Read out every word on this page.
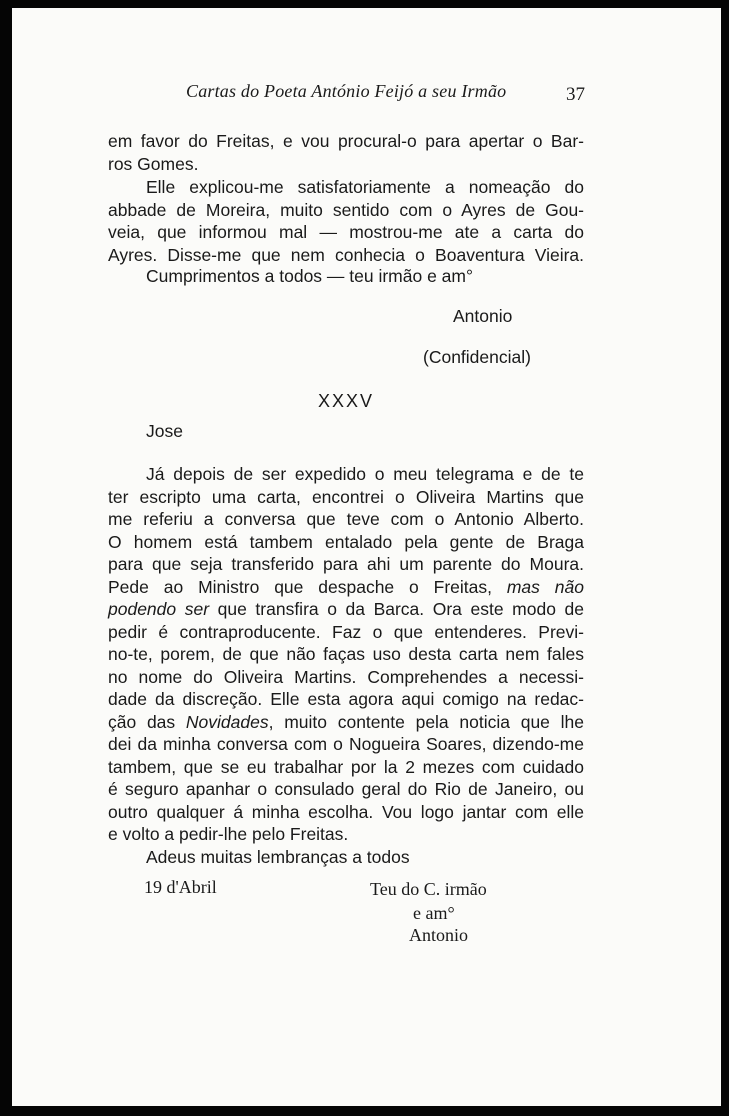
Cartas do Poeta António Feijó a seu Irmão	37
em favor do Freitas, e vou procural-o para apertar o Bar-
ros Gomes.
Elle explicou-me satisfatoriamente a nomeação do
abbade de Moreira, muito sentido com o Ayres de Gou-
veia, que informou mal — mostrou-me ate a carta do
Ayres. Disse-me que nem conhecia o Boaventura Vieira.
Cumprimentos a todos — teu irmão e am°
Antonio
(Confidencial)
XXXV
Jose
Já depois de ser expedido o meu telegrama e de te
ter escripto uma carta, encontrei o Oliveira Martins que
me referiu a conversa que teve com o Antonio Alberto.
O homem está tambem entalado pela gente de Braga
para que seja transferido para ahi um parente do Moura.
Pede ao Ministro que despache o Freitas, mas não
podendo ser que transfira o da Barca. Ora este modo de
pedir é contraproducente. Faz o que entenderes. Previ-
no-te, porem, de que não faças uso desta carta nem fales
no nome do Oliveira Martins. Comprehendes a necessi-
dade da discreção. Elle esta agora aqui comigo na redac-
ção das Novidades, muito contente pela noticia que lhe
dei da minha conversa com o Nogueira Soares, dizendo-me
tambem, que se eu trabalhar por la 2 mezes com cuidado
é seguro apanhar o consulado geral do Rio de Janeiro, ou
outro qualquer á minha escolha. Vou logo jantar com elle
e volto a pedir-lhe pelo Freitas.
Adeus muitas lembranças a todos
19 d'Abril	Teu do C. irmão
e am°
Antonio
